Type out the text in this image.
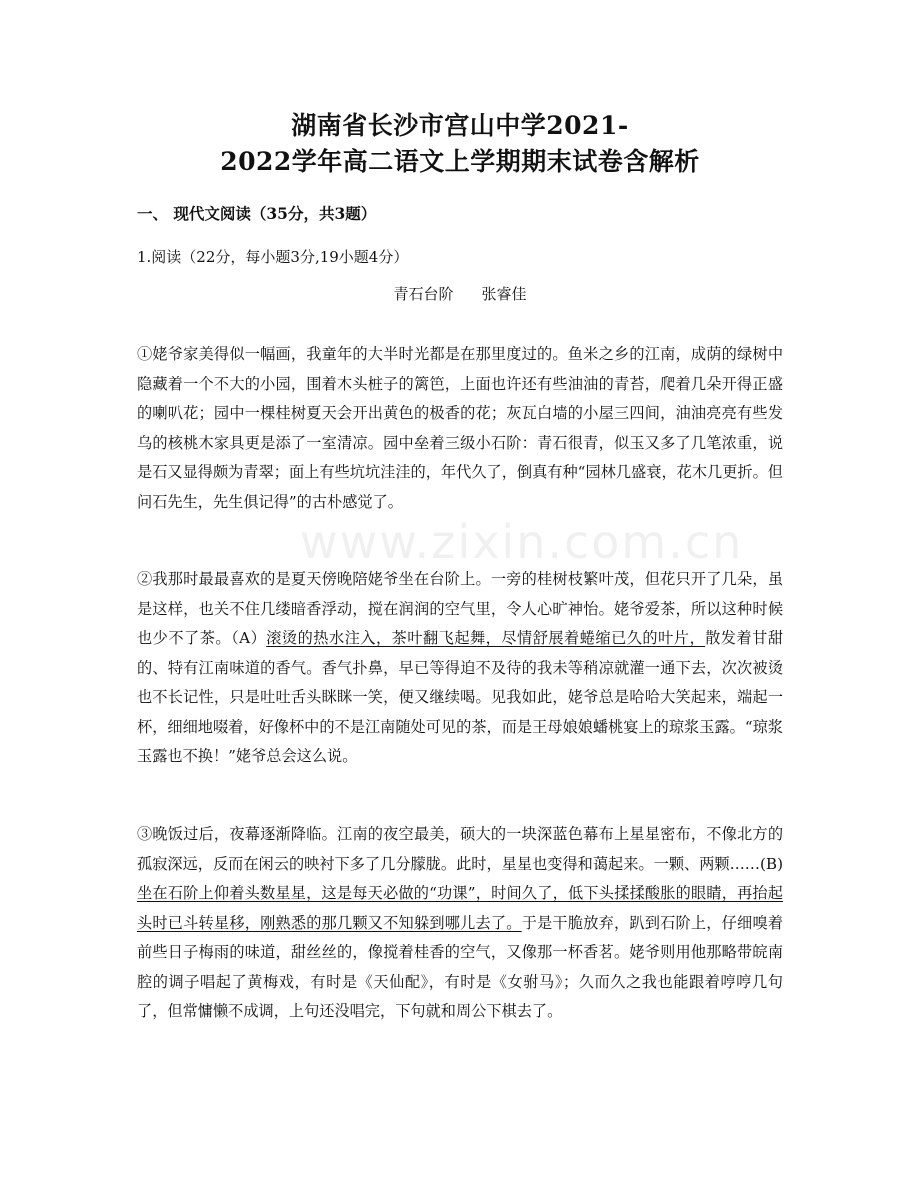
www.zixin.com.cn
湖南省长沙市宫山中学2021-
2022学年高二语文上学期期末试卷含解析
一、 现代文阅读（35分，共3题）
1.阅读（22分，每小题3分,19小题4分）
青石台阶 张睿佳
①姥爷家美得似一幅画，我童年的大半时光都是在那里度过的。鱼米之乡的江南，成荫的绿树中隐藏着一个不大的小园，围着木头桩子的篱笆，上面也许还有些油油的青苔，爬着几朵开得正盛的喇叭花；园中一棵桂树夏天会开出黄色的极香的花；灰瓦白墙的小屋三四间，油油亮亮有些发乌的核桃木家具更是添了一室清凉。园中垒着三级小石阶：青石很青，似玉又多了几笔浓重，说是石又显得颇为青翠；面上有些坑坑洼洼的，年代久了，倒真有种“园林几盛衰，花木几更折。但问石先生，先生俱记得”的古朴感觉了。
②我那时最最喜欢的是夏天傍晚陪姥爷坐在台阶上。一旁的桂树枝繁叶茂，但花只开了几朵，虽是这样，也关不住几缕暗香浮动，搅在润润的空气里，令人心旷神怡。姥爷爱茶，所以这种时候也少不了茶。（A）滚烫的热水注入，茶叶翻飞起舞，尽情舒展着蜷缩已久的叶片，散发着甘甜的、特有江南味道的香气。香气扑鼻，早已等得迫不及待的我未等稍凉就灌一通下去，次次被烫也不长记性，只是吐吐舌头眯眯一笑，便又继续喝。见我如此，姥爷总是哈哈大笑起来，端起一杯，细细地啜着，好像杯中的不是江南随处可见的茶，而是王母娘娘蟠桃宴上的琼浆玉露。“琼浆玉露也不换！”姥爷总会这么说。
③晚饭过后，夜幕逐渐降临。江南的夜空最美，硕大的一块深蓝色幕布上星星密布，不像北方的孤寂深远，反而在闲云的映衬下多了几分朦胧。此时，星星也变得和蔼起来。一颗、两颗……(B)坐在石阶上仰着头数星星，这是每天必做的“功课”，时间久了，低下头揉揉酸胀的眼睛，再抬起头时已斗转星移，刚熟悉的那几颗又不知躲到哪儿去了。于是干脆放弃，趴到石阶上，仔细嗅着前些日子梅雨的味道，甜丝丝的，像搅着桂香的空气，又像那一杯香茗。姥爷则用他那略带皖南腔的调子唱起了黄梅戏，有时是《天仙配》，有时是《女驸马》；久而久之我也能跟着哼哼几句了，但常慵懒不成调，上句还没唱完，下句就和周公下棋去了。
